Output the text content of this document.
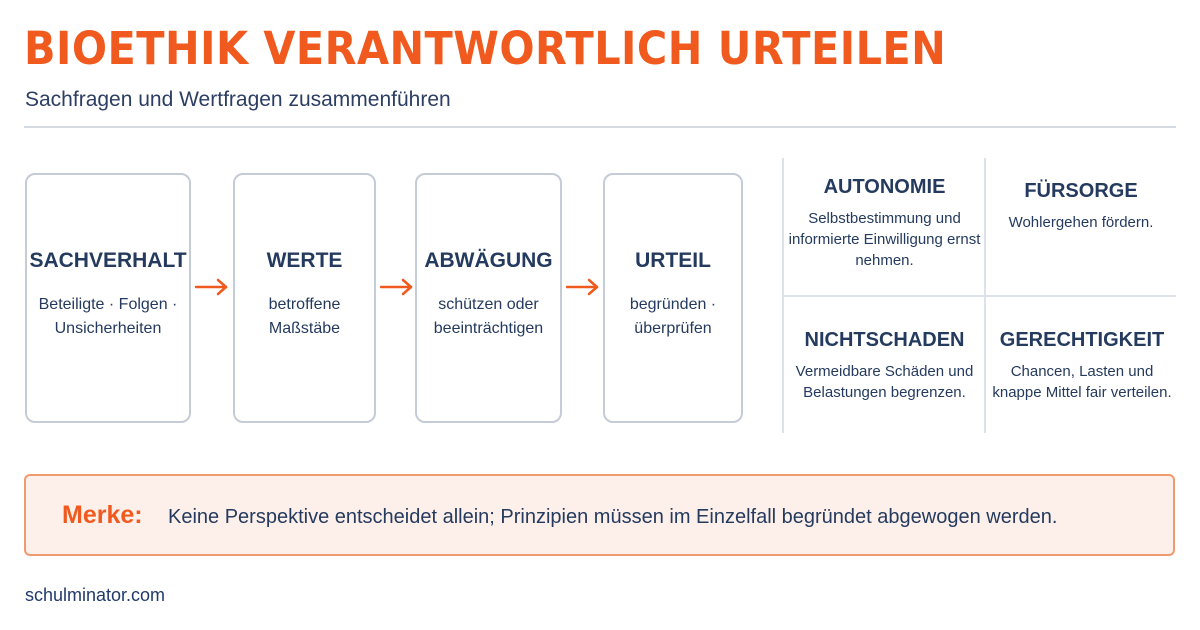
BIOETHIK VERANTWORTLICH URTEILEN
Sachfragen und Wertfragen zusammenführen
SACHVERHALT
Beteiligte · Folgen · Unsicherheiten
WERTE
betroffene Maßstäbe
ABWÄGUNG
schützen oder beeinträchtigen
URTEIL
begründen · überprüfen
AUTONOMIE
Selbstbestimmung und informierte Einwilligung ernst nehmen.
FÜRSORGE
Wohlergehen fördern.
NICHTSCHADEN
Vermeidbare Schäden und Belastungen begrenzen.
GERECHTIGKEIT
Chancen, Lasten und knappe Mittel fair verteilen.
Merke: Keine Perspektive entscheidet allein; Prinzipien müssen im Einzelfall begründet abgewogen werden.
schulminator.com
